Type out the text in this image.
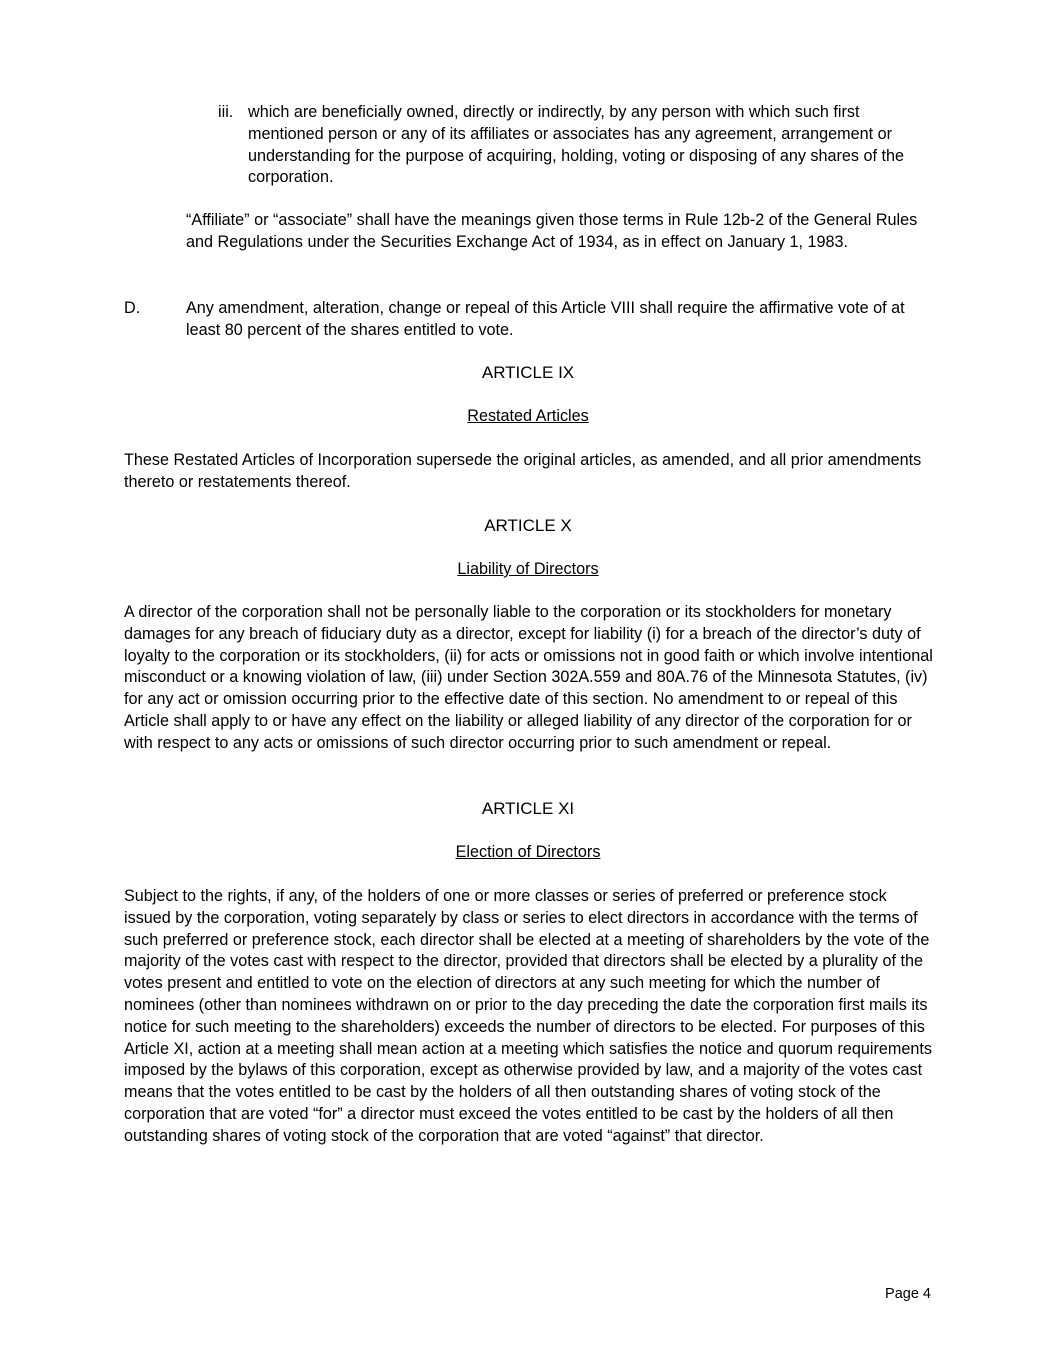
iii. which are beneficially owned, directly or indirectly, by any person with which such first mentioned person or any of its affiliates or associates has any agreement, arrangement or understanding for the purpose of acquiring, holding, voting or disposing of any shares of the corporation.

“Affiliate” or “associate” shall have the meanings given those terms in Rule 12b-2 of the General Rules and Regulations under the Securities Exchange Act of 1934, as in effect on January 1, 1983.

D.	Any amendment, alteration, change or repeal of this Article VIII shall require the affirmative vote of at least 80 percent of the shares entitled to vote.

ARTICLE IX
Restated Articles

These Restated Articles of Incorporation supersede the original articles, as amended, and all prior amendments thereto or restatements thereof.

ARTICLE X
Liability of Directors

A director of the corporation shall not be personally liable to the corporation or its stockholders for monetary damages for any breach of fiduciary duty as a director, except for liability (i) for a breach of the director’s duty of loyalty to the corporation or its stockholders, (ii) for acts or omissions not in good faith or which involve intentional misconduct or a knowing violation of law, (iii) under Section 302A.559 and 80A.76 of the Minnesota Statutes, (iv) for any act or omission occurring prior to the effective date of this section. No amendment to or repeal of this Article shall apply to or have any effect on the liability or alleged liability of any director of the corporation for or with respect to any acts or omissions of such director occurring prior to such amendment or repeal.

ARTICLE XI
Election of Directors

Subject to the rights, if any, of the holders of one or more classes or series of preferred or preference stock issued by the corporation, voting separately by class or series to elect directors in accordance with the terms of such preferred or preference stock, each director shall be elected at a meeting of shareholders by the vote of the majority of the votes cast with respect to the director, provided that directors shall be elected by a plurality of the votes present and entitled to vote on the election of directors at any such meeting for which the number of nominees (other than nominees withdrawn on or prior to the day preceding the date the corporation first mails its notice for such meeting to the shareholders) exceeds the number of directors to be elected. For purposes of this Article XI, action at a meeting shall mean action at a meeting which satisfies the notice and quorum requirements imposed by the bylaws of this corporation, except as otherwise provided by law, and a majority of the votes cast means that the votes entitled to be cast by the holders of all then outstanding shares of voting stock of the corporation that are voted “for” a director must exceed the votes entitled to be cast by the holders of all then outstanding shares of voting stock of the corporation that are voted “against” that director.

Page 4
